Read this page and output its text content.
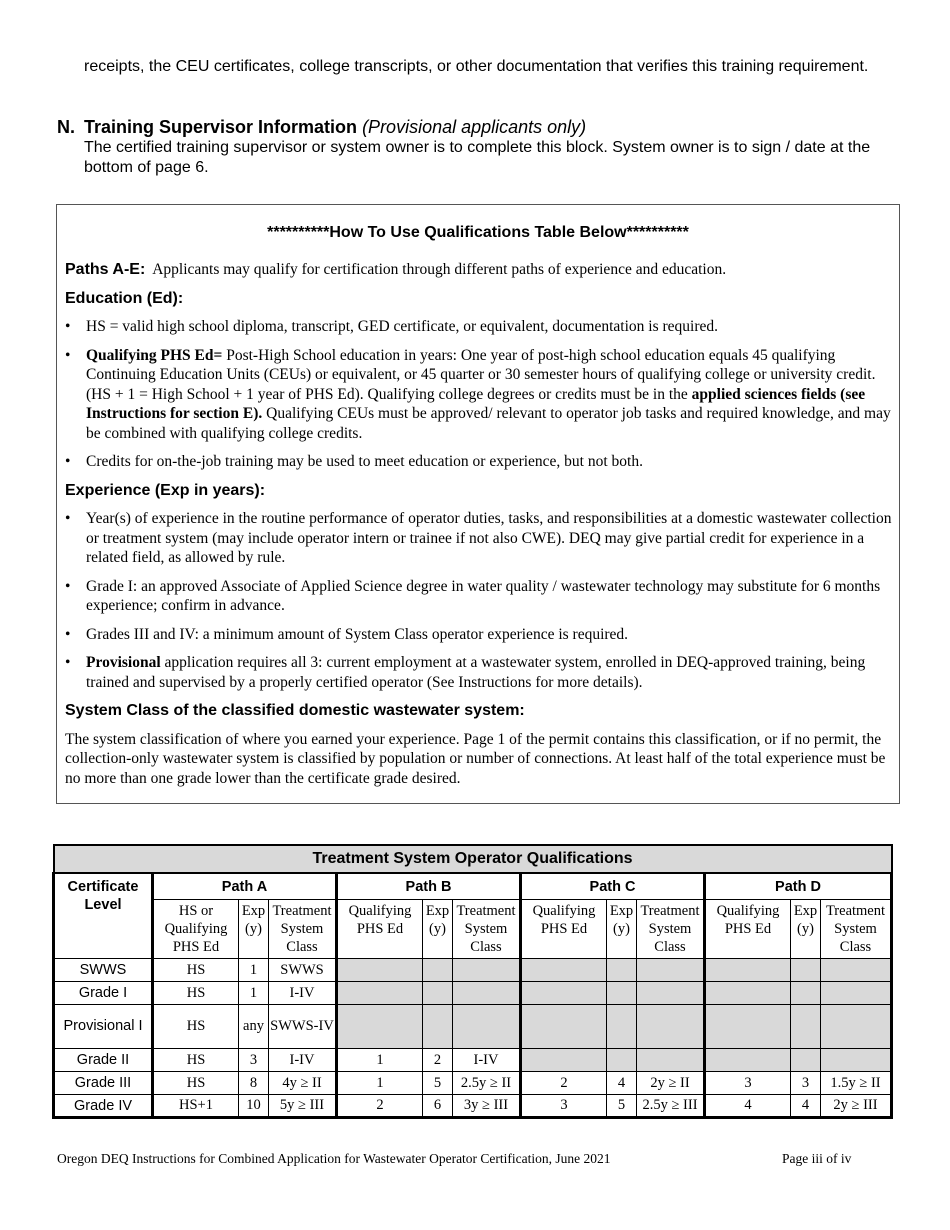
receipts, the CEU certificates, college transcripts, or other documentation that verifies this training requirement.
N. Training Supervisor Information (Provisional applicants only)
The certified training supervisor or system owner is to complete this block. System owner is to sign / date at the bottom of page 6.
**********How To Use Qualifications Table Below**********

Paths A-E: Applicants may qualify for certification through different paths of experience and education.

Education (Ed):
• HS = valid high school diploma, transcript, GED certificate, or equivalent, documentation is required.
• Qualifying PHS Ed= Post-High School education in years: One year of post-high school education equals 45 qualifying Continuing Education Units (CEUs) or equivalent, or 45 quarter or 30 semester hours of qualifying college or university credit. (HS + 1 = High School + 1 year of PHS Ed). Qualifying college degrees or credits must be in the applied sciences fields (see Instructions for section E). Qualifying CEUs must be approved/ relevant to operator job tasks and required knowledge, and may be combined with qualifying college credits.
• Credits for on-the-job training may be used to meet education or experience, but not both.
Experience (Exp in years):
• Year(s) of experience in the routine performance of operator duties, tasks, and responsibilities at a domestic wastewater collection or treatment system (may include operator intern or trainee if not also CWE). DEQ may give partial credit for experience in a related field, as allowed by rule.
• Grade I: an approved Associate of Applied Science degree in water quality / wastewater technology may substitute for 6 months experience; confirm in advance.
• Grades III and IV: a minimum amount of System Class operator experience is required.
• Provisional application requires all 3: current employment at a wastewater system, enrolled in DEQ-approved training, being trained and supervised by a properly certified operator (See Instructions for more details).
System Class of the classified domestic wastewater system:

The system classification of where you earned your experience. Page 1 of the permit contains this classification, or if no permit, the collection-only wastewater system is classified by population or number of connections. At least half of the total experience must be no more than one grade lower than the certificate grade desired.

Treatment System Operator Qualifications												
Certificate Level	Path A			Path B			Path C			Path D		
	HS or Qualifying PHS Ed	Exp (y)	Treatment System Class	Qualifying PHS Ed	Exp (y)	Treatment System Class	Qualifying PHS Ed	Exp (y)	Treatment System Class	Qualifying PHS Ed	Exp (y)	Treatment System Class
SWWS	HS	1	SWWS									
Grade I	HS	1	I-IV									
Provisional I	HS	any	SWWS-IV									
Grade II	HS	3	I-IV	1	2	I-IV						
Grade III	HS	8	4y ≥ II	1	5	2.5y ≥ II	2	4	2y ≥ II	3	3	1.5y ≥ II
Grade IV	HS+1	10	5y ≥ III	2	6	3y ≥ III	3	5	2.5y ≥ III	4	4	2y ≥ III
Oregon DEQ Instructions for Combined Application for Wastewater Operator Certification, June 2021	Page iii of iv
